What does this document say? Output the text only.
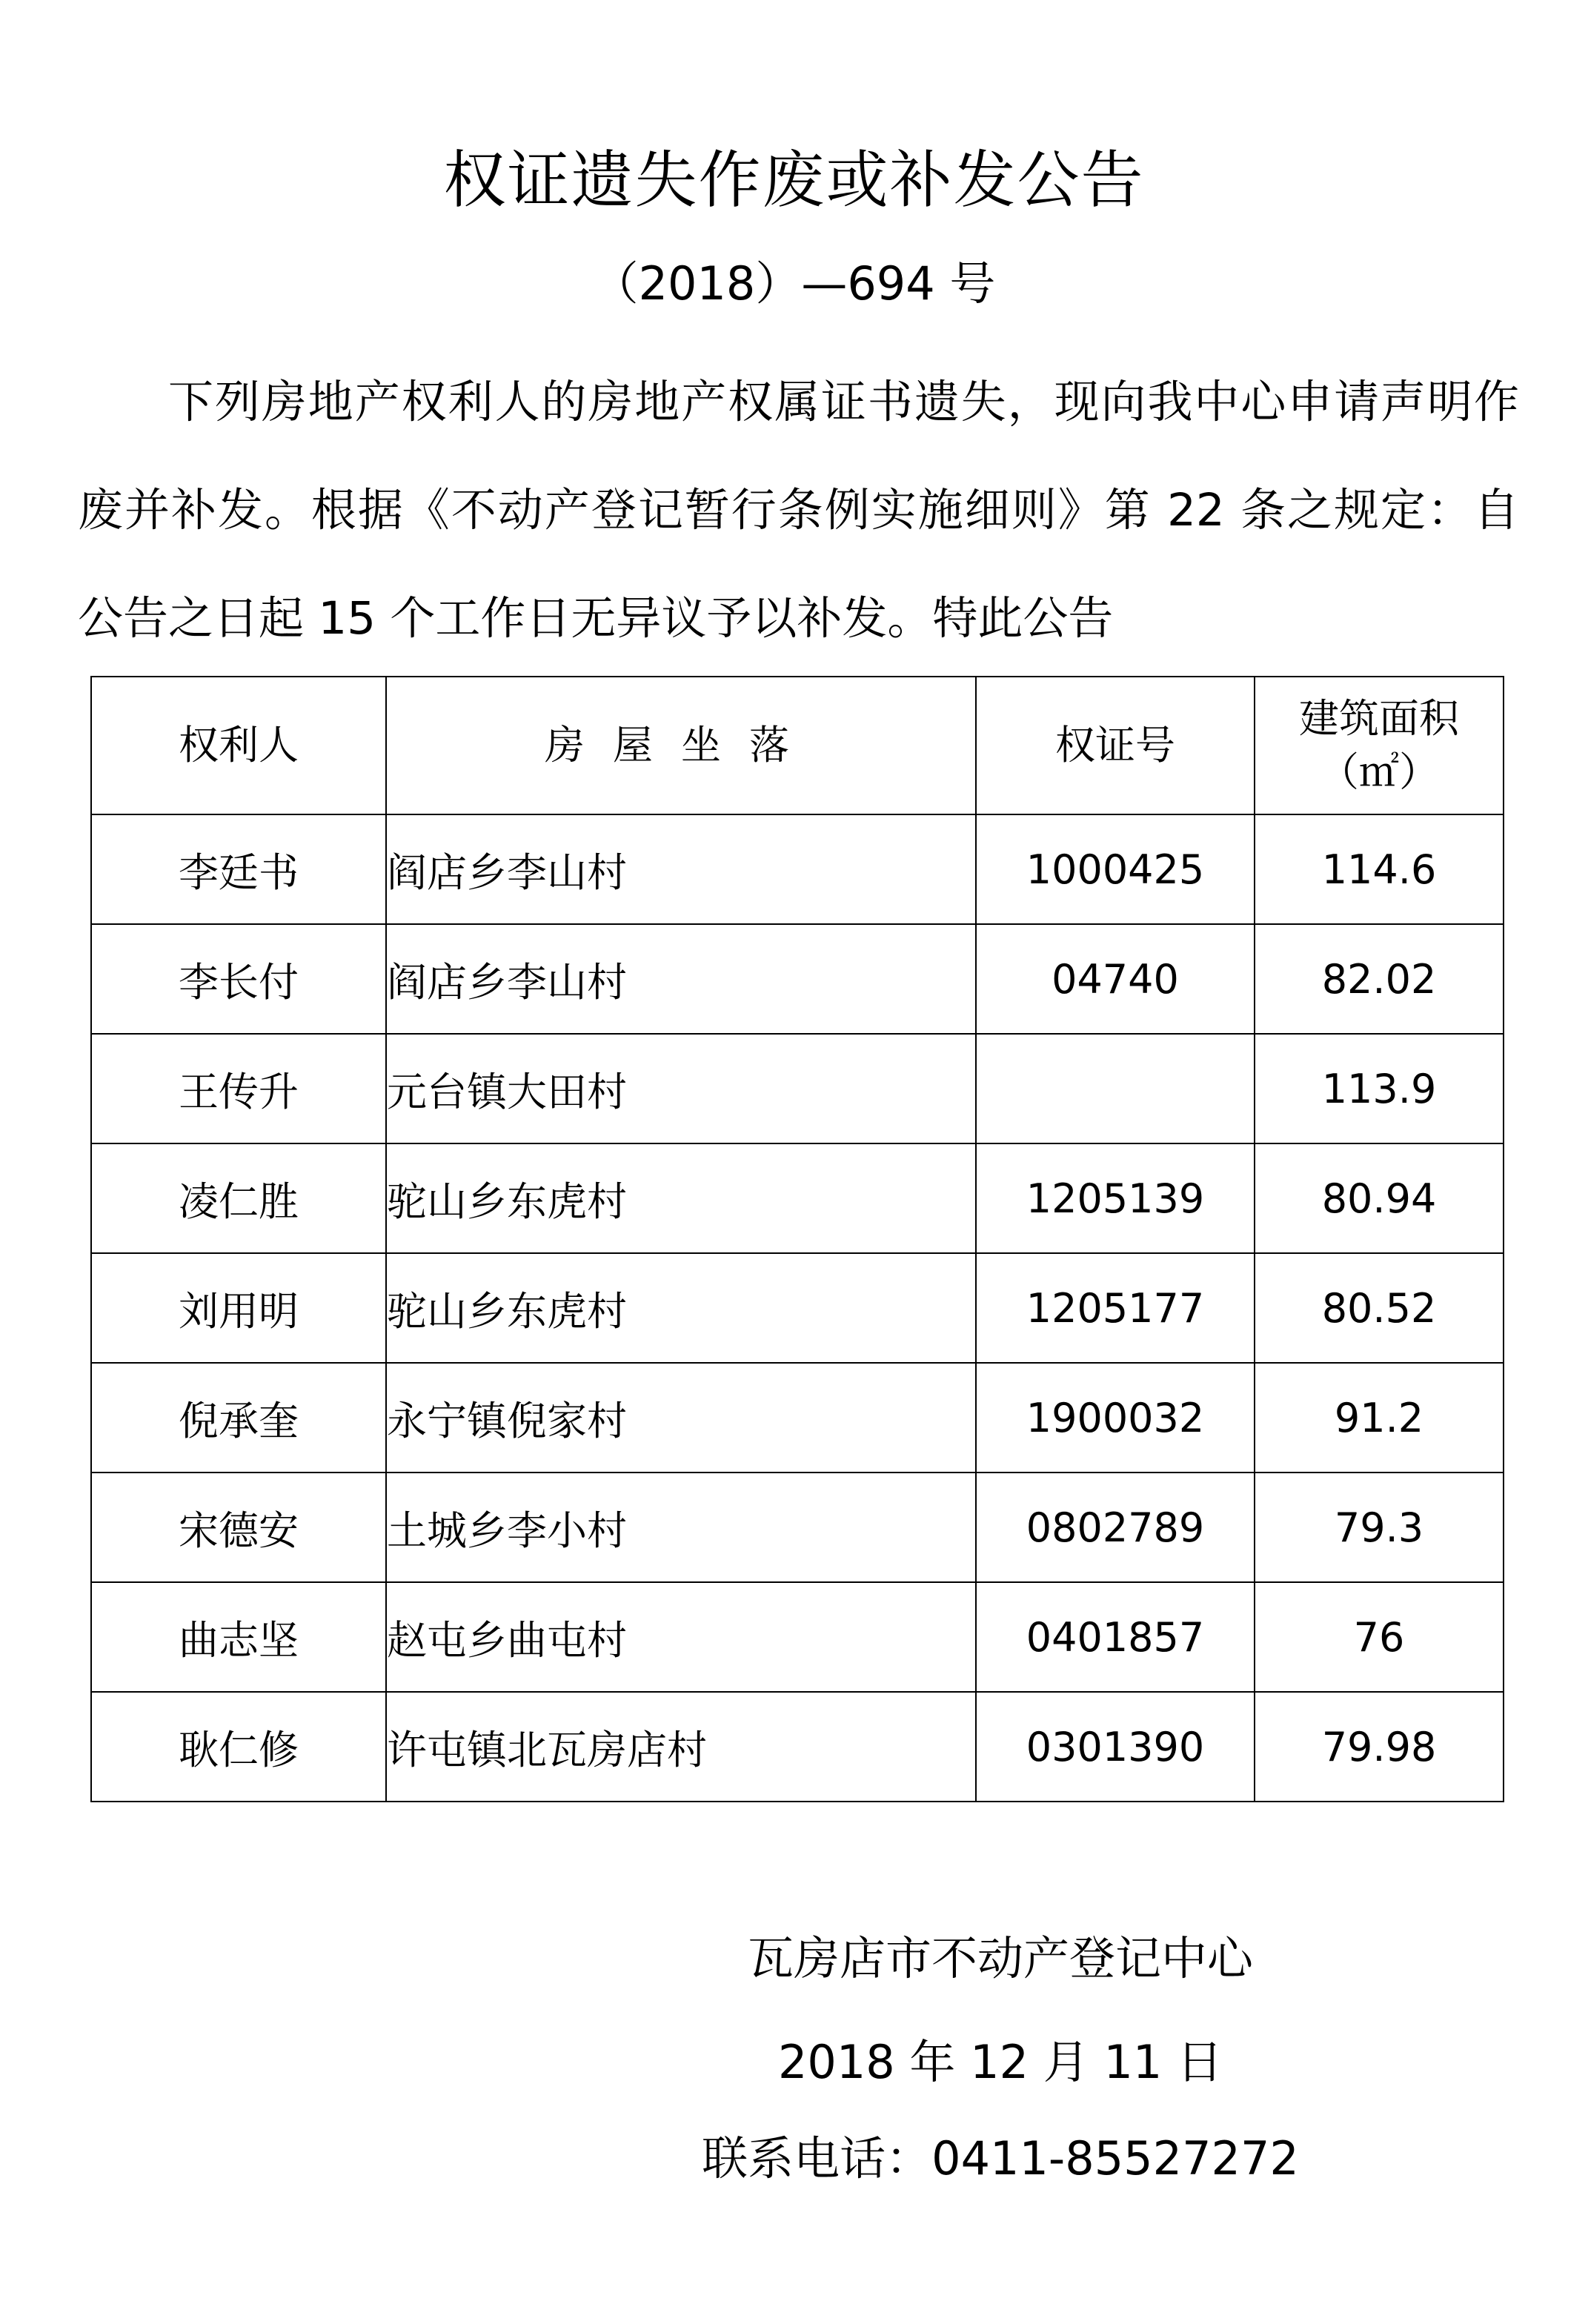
权证遗失作废或补发公告
（2018）—694 号

下列房地产权利人的房地产权属证书遗失，现向我中心申请声明作废并补发。根据《不动产登记暂行条例实施细则》第 22 条之规定：自公告之日起 15 个工作日无异议予以补发。特此公告

权利人	房屋坐落	权证号	建筑面积
（㎡）

李廷书	阎店乡李山村	1000425	114.6
李长付	阎店乡李山村	04740	82.02
王传升	元台镇大田村		113.9
凌仁胜	驼山乡东虎村	1205139	80.94
刘用明	驼山乡东虎村	1205177	80.52
倪承奎	永宁镇倪家村	1900032	91.2
宋德安	土城乡李小村	0802789	79.3
曲志坚	赵屯乡曲屯村	0401857	76
耿仁修	许屯镇北瓦房店村	0301390	79.98
瓦房店市不动产登记中心
2018 年 12 月 11 日
联系电话：0411-85527272
